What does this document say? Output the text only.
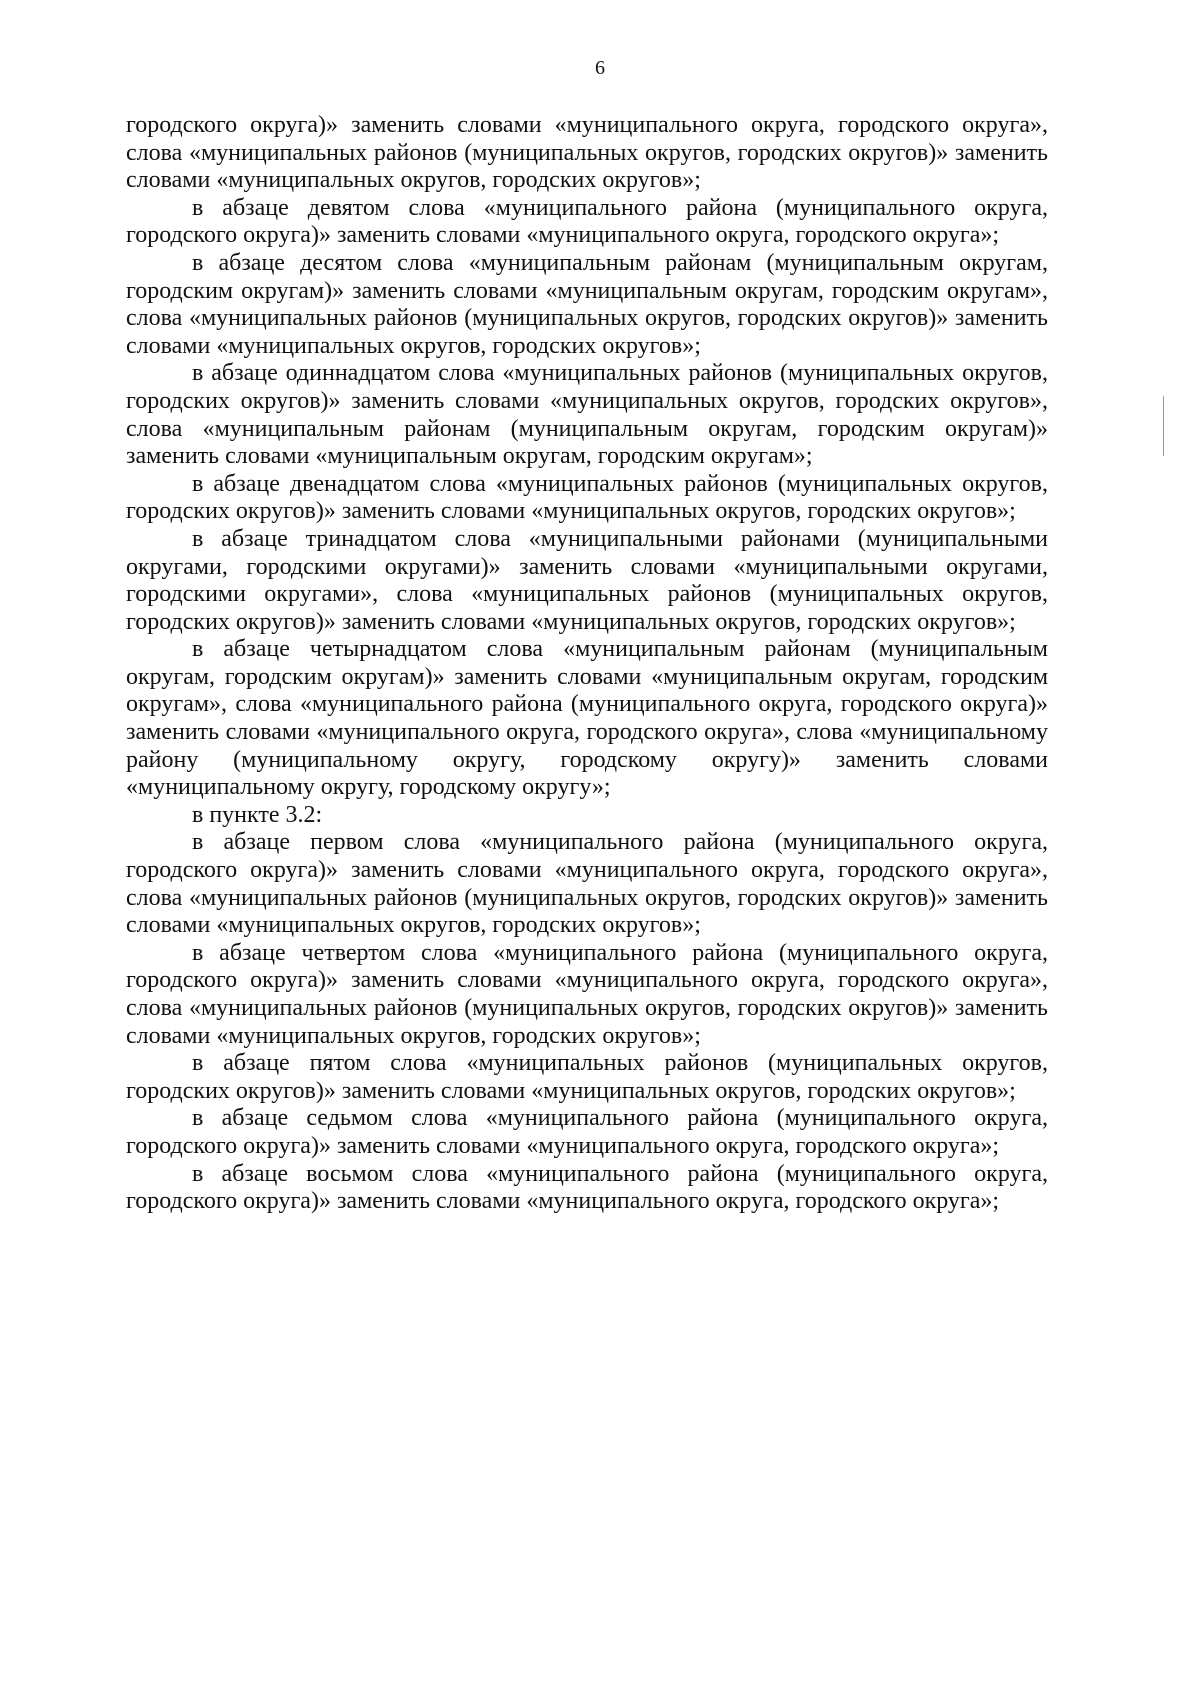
6

городского округа)» заменить словами «муниципального округа, городского округа», слова «муниципальных районов (муниципальных округов, городских округов)» заменить словами «муниципальных округов, городских округов»;

в абзаце девятом слова «муниципального района (муниципального округа, городского округа)» заменить словами «муниципального округа, городского округа»;

в абзаце десятом слова «муниципальным районам (муниципальным округам, городским округам)» заменить словами «муниципальным округам, городским округам», слова «муниципальных районов (муниципальных округов, городских округов)» заменить словами «муниципальных округов, городских округов»;

в абзаце одиннадцатом слова «муниципальных районов (муниципальных округов, городских округов)» заменить словами «муниципальных округов, городских округов», слова «муниципальным районам (муниципальным округам, городским округам)» заменить словами «муниципальным округам, городским округам»;

в абзаце двенадцатом слова «муниципальных районов (муниципальных округов, городских округов)» заменить словами «муниципальных округов, городских округов»;

в абзаце тринадцатом слова «муниципальными районами (муниципальными округами, городскими округами)» заменить словами «муниципальными округами, городскими округами», слова «муниципальных районов (муниципальных округов, городских округов)» заменить словами «муниципальных округов, городских округов»;

в абзаце четырнадцатом слова «муниципальным районам (муниципальным округам, городским округам)» заменить словами «муниципальным округам, городским округам», слова «муниципального района (муниципального округа, городского округа)» заменить словами «муниципального округа, городского округа», слова «муниципальному району (муниципальному округу, городскому округу)» заменить словами «муниципальному округу, городскому округу»;

в пункте 3.2:

в абзаце первом слова «муниципального района (муниципального округа, городского округа)» заменить словами «муниципального округа, городского округа», слова «муниципальных районов (муниципальных округов, городских округов)» заменить словами «муниципальных округов, городских округов»;

в абзаце четвертом слова «муниципального района (муниципального округа, городского округа)» заменить словами «муниципального округа, городского округа», слова «муниципальных районов (муниципальных округов, городских округов)» заменить словами «муниципальных округов, городских округов»;

в абзаце пятом слова «муниципальных районов (муниципальных округов, городских округов)» заменить словами «муниципальных округов, городских округов»;

в абзаце седьмом слова «муниципального района (муниципального округа, городского округа)» заменить словами «муниципального округа, городского округа»;

в абзаце восьмом слова «муниципального района (муниципального округа, городского округа)» заменить словами «муниципального округа, городского округа»;
